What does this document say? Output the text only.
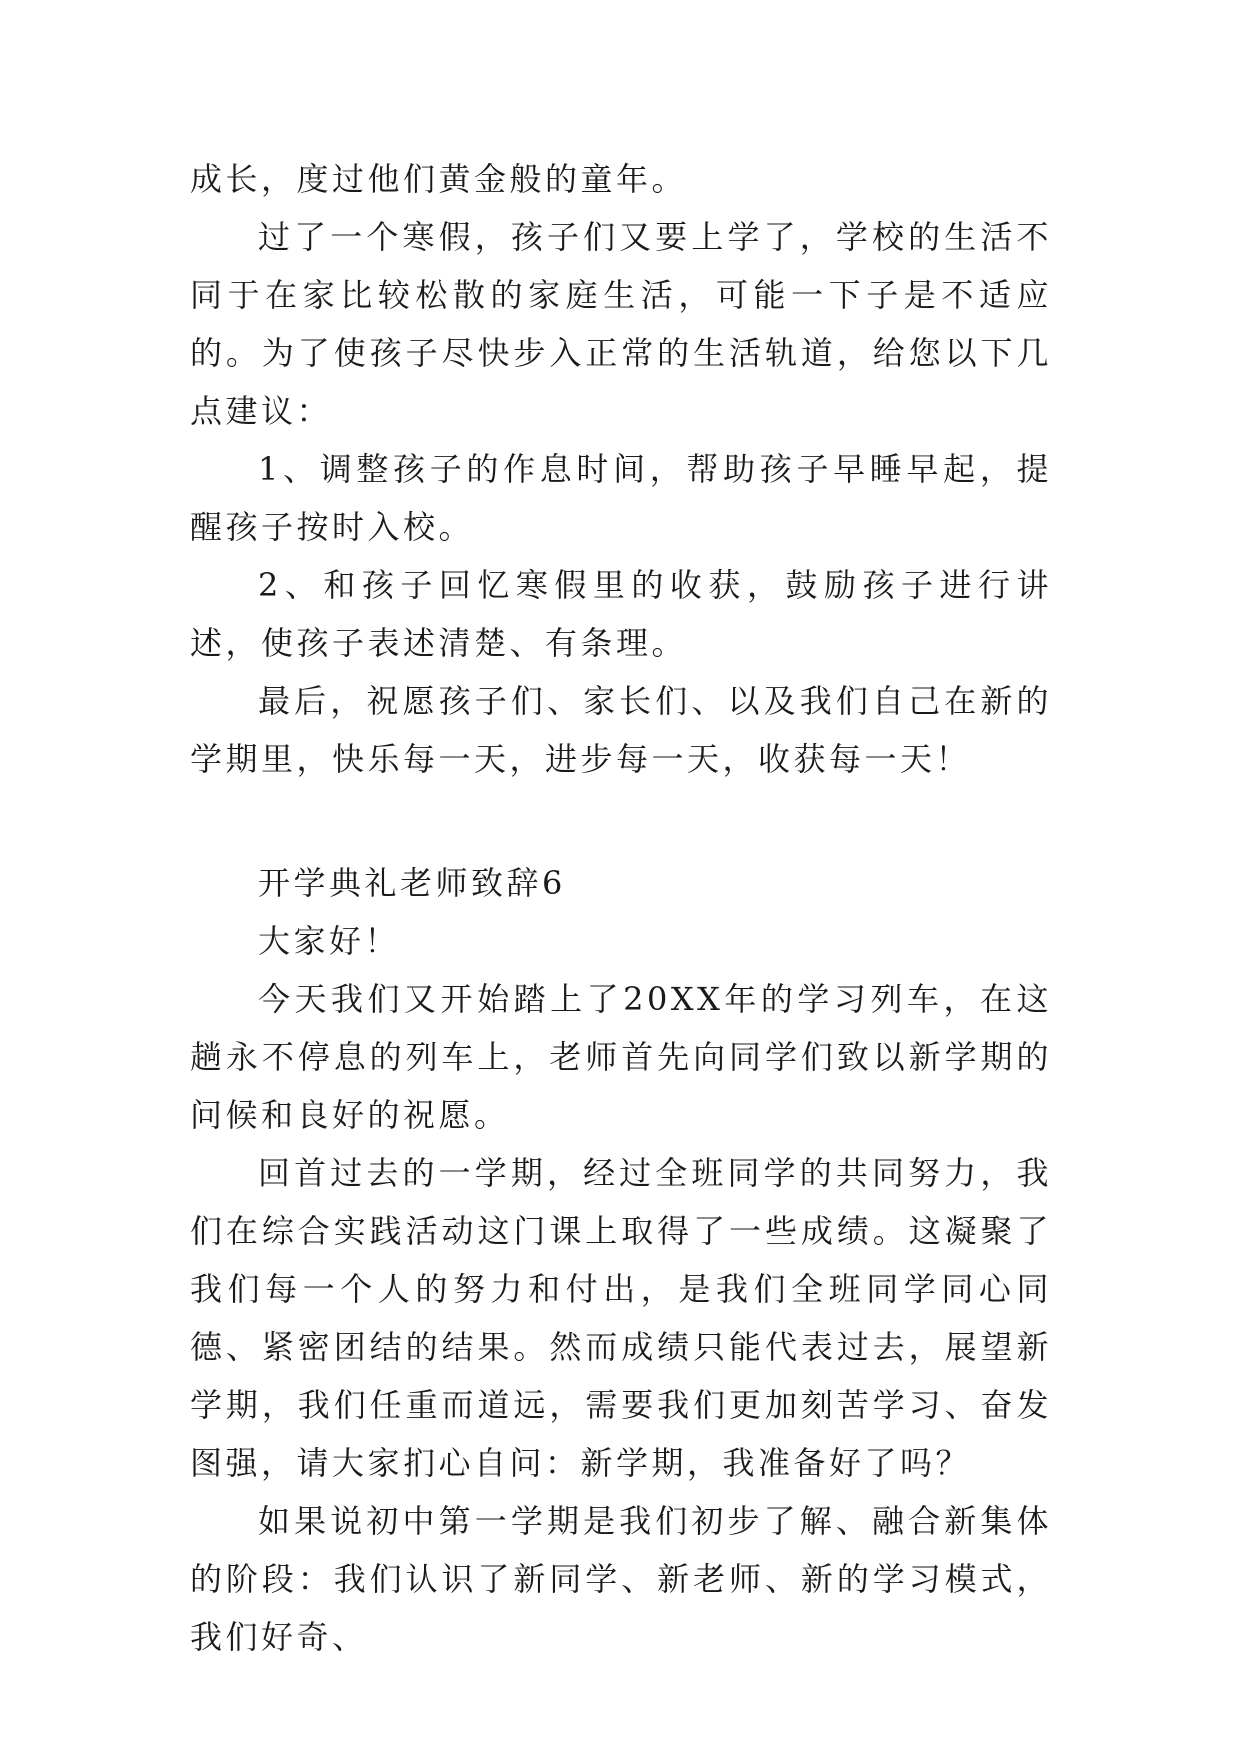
成长，度过他们黄金般的童年。

过了一个寒假，孩子们又要上学了，学校的生活不同于在家比较松散的家庭生活，可能一下子是不适应的。为了使孩子尽快步入正常的生活轨道，给您以下几点建议：

1、调整孩子的作息时间，帮助孩子早睡早起，提醒孩子按时入校。

2、和孩子回忆寒假里的收获，鼓励孩子进行讲述，使孩子表述清楚、有条理。

最后，祝愿孩子们、家长们、以及我们自己在新的学期里，快乐每一天，进步每一天，收获每一天！

开学典礼老师致辞6

大家好！

今天我们又开始踏上了20XX年的学习列车，在这趟永不停息的列车上，老师首先向同学们致以新学期的问候和良好的祝愿。

回首过去的一学期，经过全班同学的共同努力，我们在综合实践活动这门课上取得了一些成绩。这凝聚了我们每一个人的努力和付出，是我们全班同学同心同德、紧密团结的结果。然而成绩只能代表过去，展望新学期，我们任重而道远，需要我们更加刻苦学习、奋发图强，请大家扪心自问：新学期，我准备好了吗？

如果说初中第一学期是我们初步了解、融合新集体的阶段：我们认识了新同学、新老师、新的学习模式，我们好奇、
